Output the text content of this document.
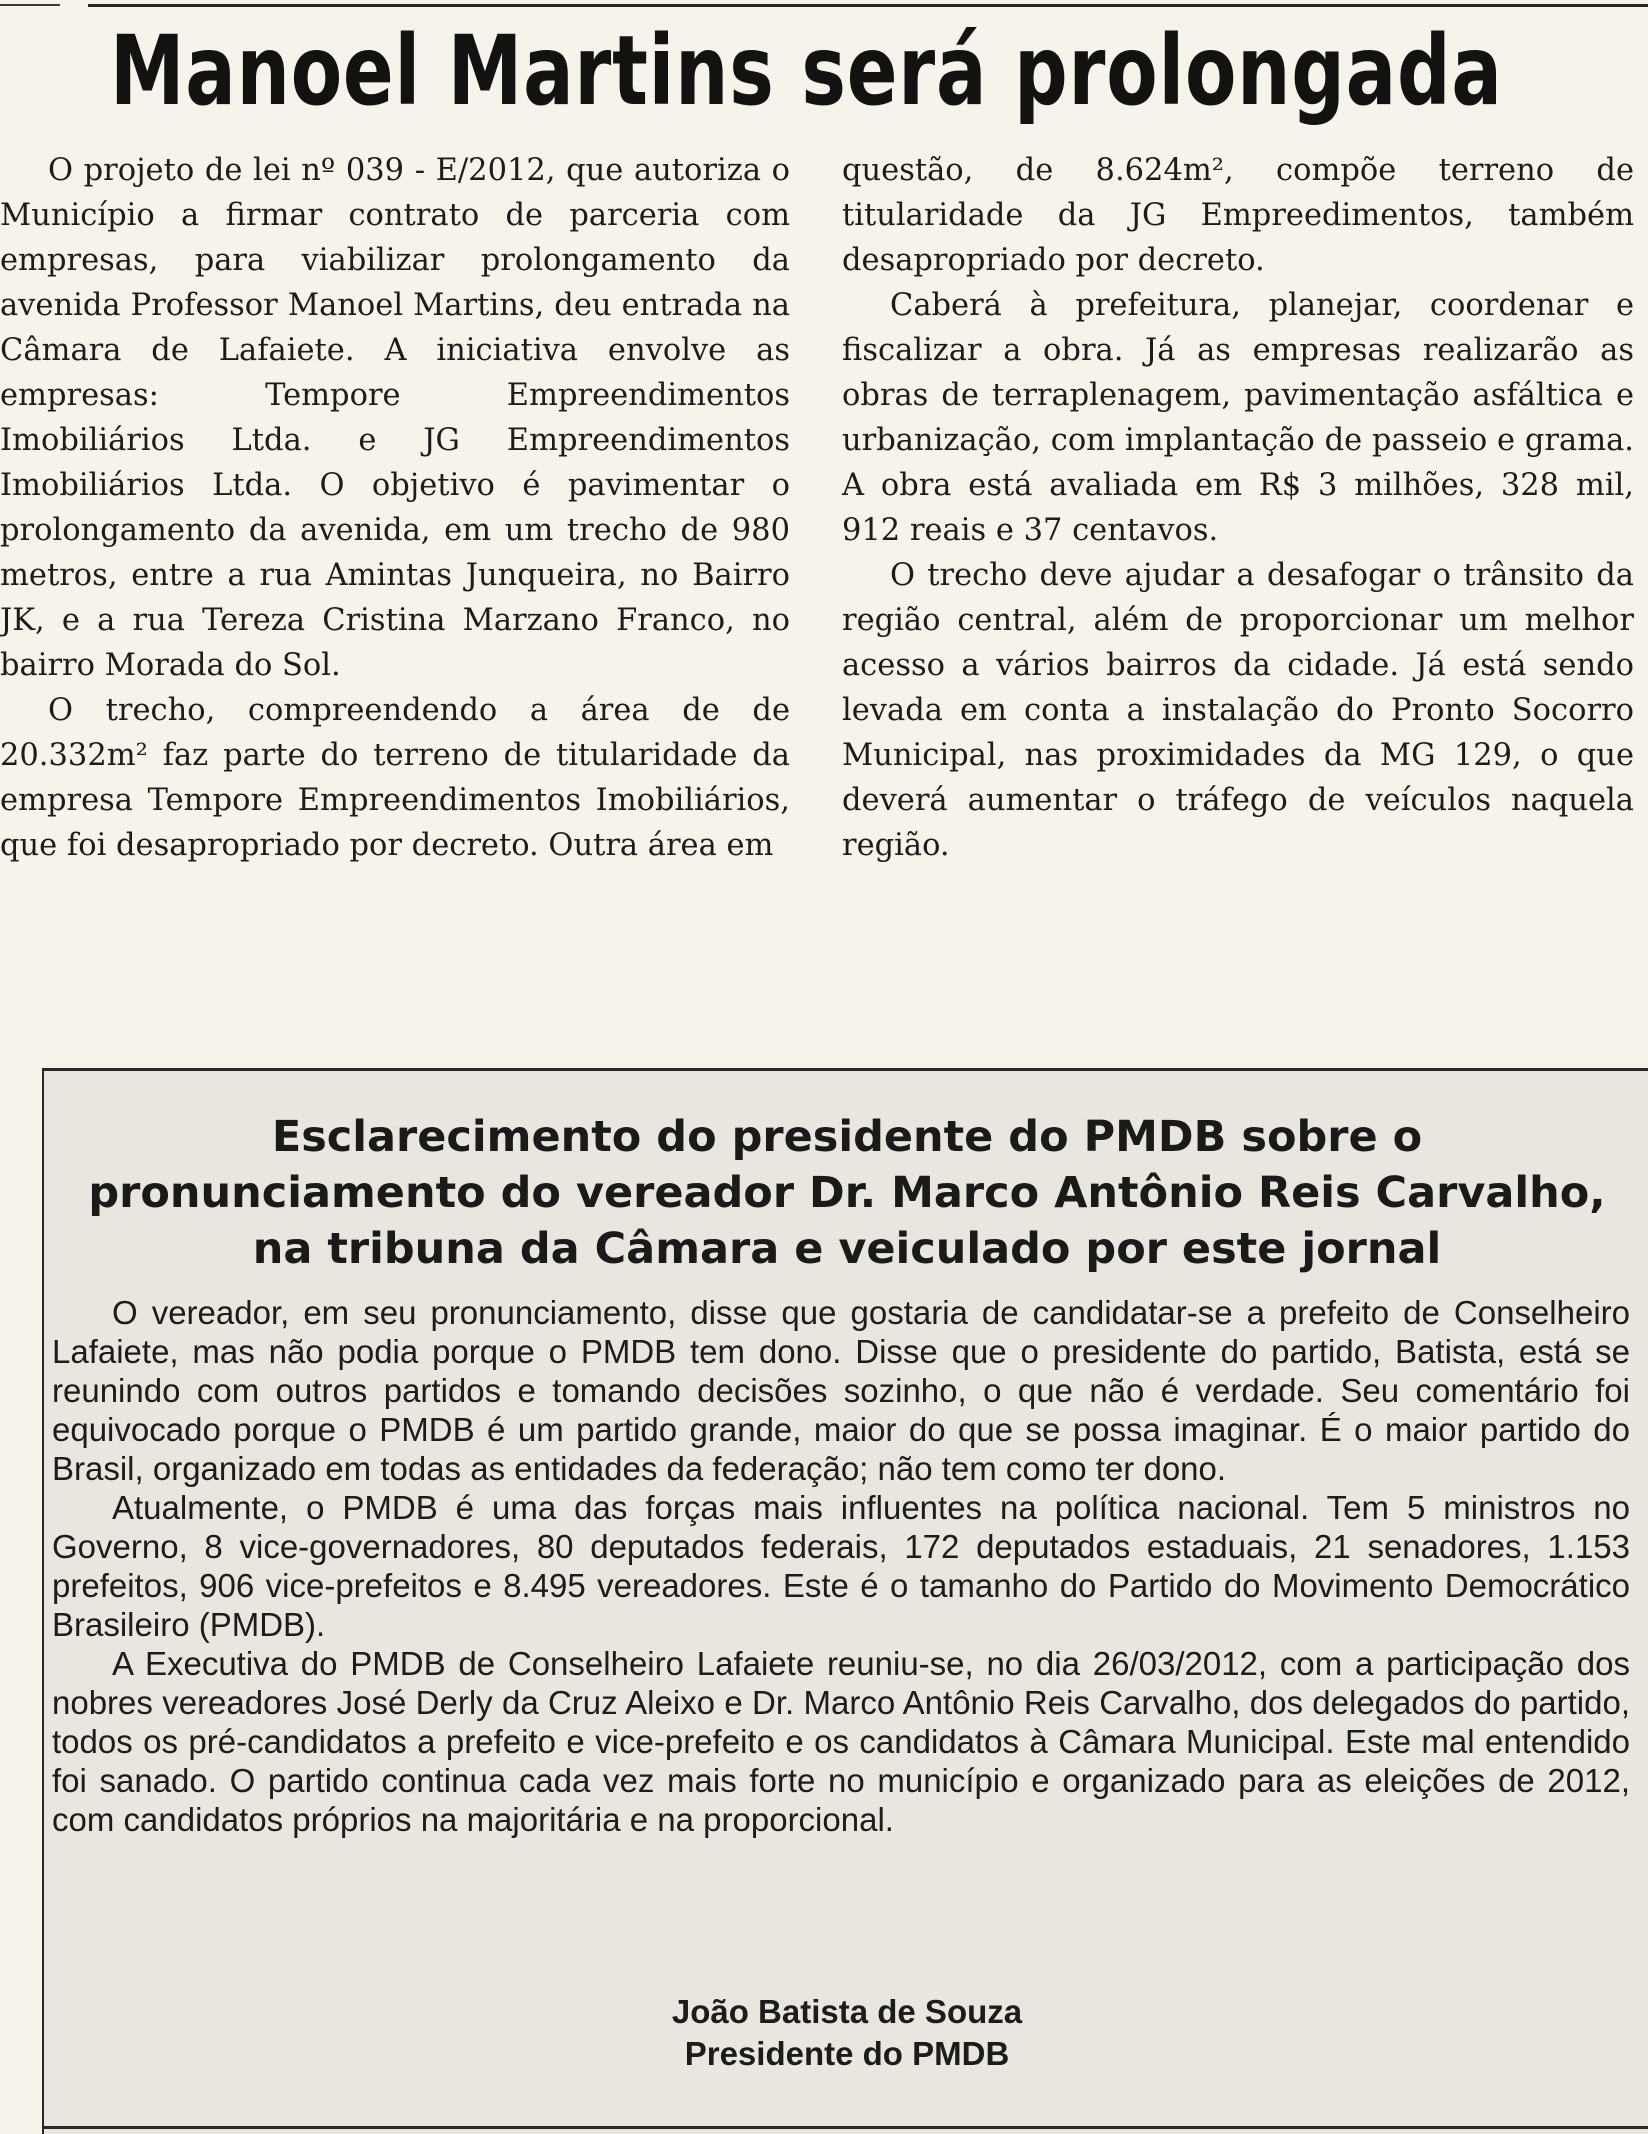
Manoel Martins será prolongada

O projeto de lei nº 039 - E/2012, que autoriza o Município a firmar contrato de parceria com empresas, para viabilizar prolongamento da avenida Professor Manoel Martins, deu entrada na Câmara de Lafaiete. A iniciativa envolve as empresas: Tempore Empreendimentos Imobiliários Ltda. e JG Empreendimentos Imobiliários Ltda. O objetivo é pavimentar o prolongamento da avenida, em um trecho de 980 metros, entre a rua Amintas Junqueira, no Bairro JK, e a rua Tereza Cristina Marzano Franco, no bairro Morada do Sol.

O trecho, compreendendo a área de de 20.332m² faz parte do terreno de titularidade da empresa Tempore Empreendimentos Imobiliários, que foi desapropriado por decreto. Outra área em

questão, de 8.624m², compõe terreno de titularidade da JG Empreedimentos, também desapropriado por decreto.

Caberá à prefeitura, planejar, coordenar e fiscalizar a obra. Já as empresas realizarão as obras de terraplenagem, pavimentação asfáltica e urbanização, com implantação de passeio e grama. A obra está avaliada em R$ 3 milhões, 328 mil, 912 reais e 37 centavos.

O trecho deve ajudar a desafogar o trânsito da região central, além de proporcionar um melhor acesso a vários bairros da cidade. Já está sendo levada em conta a instalação do Pronto Socorro Municipal, nas proximidades da MG 129, o que deverá aumentar o tráfego de veículos naquela região.

Esclarecimento do presidente do PMDB sobre o
pronunciamento do vereador Dr. Marco Antônio Reis Carvalho,
na tribuna da Câmara e veiculado por este jornal

O vereador, em seu pronunciamento, disse que gostaria de candidatar-se a prefeito de Conselheiro Lafaiete, mas não podia porque o PMDB tem dono. Disse que o presidente do partido, Batista, está se reunindo com outros partidos e tomando decisões sozinho, o que não é verdade. Seu comentário foi equivocado porque o PMDB é um partido grande, maior do que se possa imaginar. É o maior partido do Brasil, organizado em todas as entidades da federação; não tem como ter dono.

Atualmente, o PMDB é uma das forças mais influentes na política nacional. Tem 5 ministros no Governo, 8 vice-governadores, 80 deputados federais, 172 deputados estaduais, 21 senadores, 1.153 prefeitos, 906 vice-prefeitos e 8.495 vereadores. Este é o tamanho do Partido do Movimento Democrático Brasileiro (PMDB).

A Executiva do PMDB de Conselheiro Lafaiete reuniu-se, no dia 26/03/2012, com a participação dos nobres vereadores José Derly da Cruz Aleixo e Dr. Marco Antônio Reis Carvalho, dos delegados do partido, todos os pré-candidatos a prefeito e vice-prefeito e os candidatos à Câmara Municipal. Este mal entendido foi sanado. O partido continua cada vez mais forte no município e organizado para as eleições de 2012, com candidatos próprios na majoritária e na proporcional.

João Batista de Souza
Presidente do PMDB
